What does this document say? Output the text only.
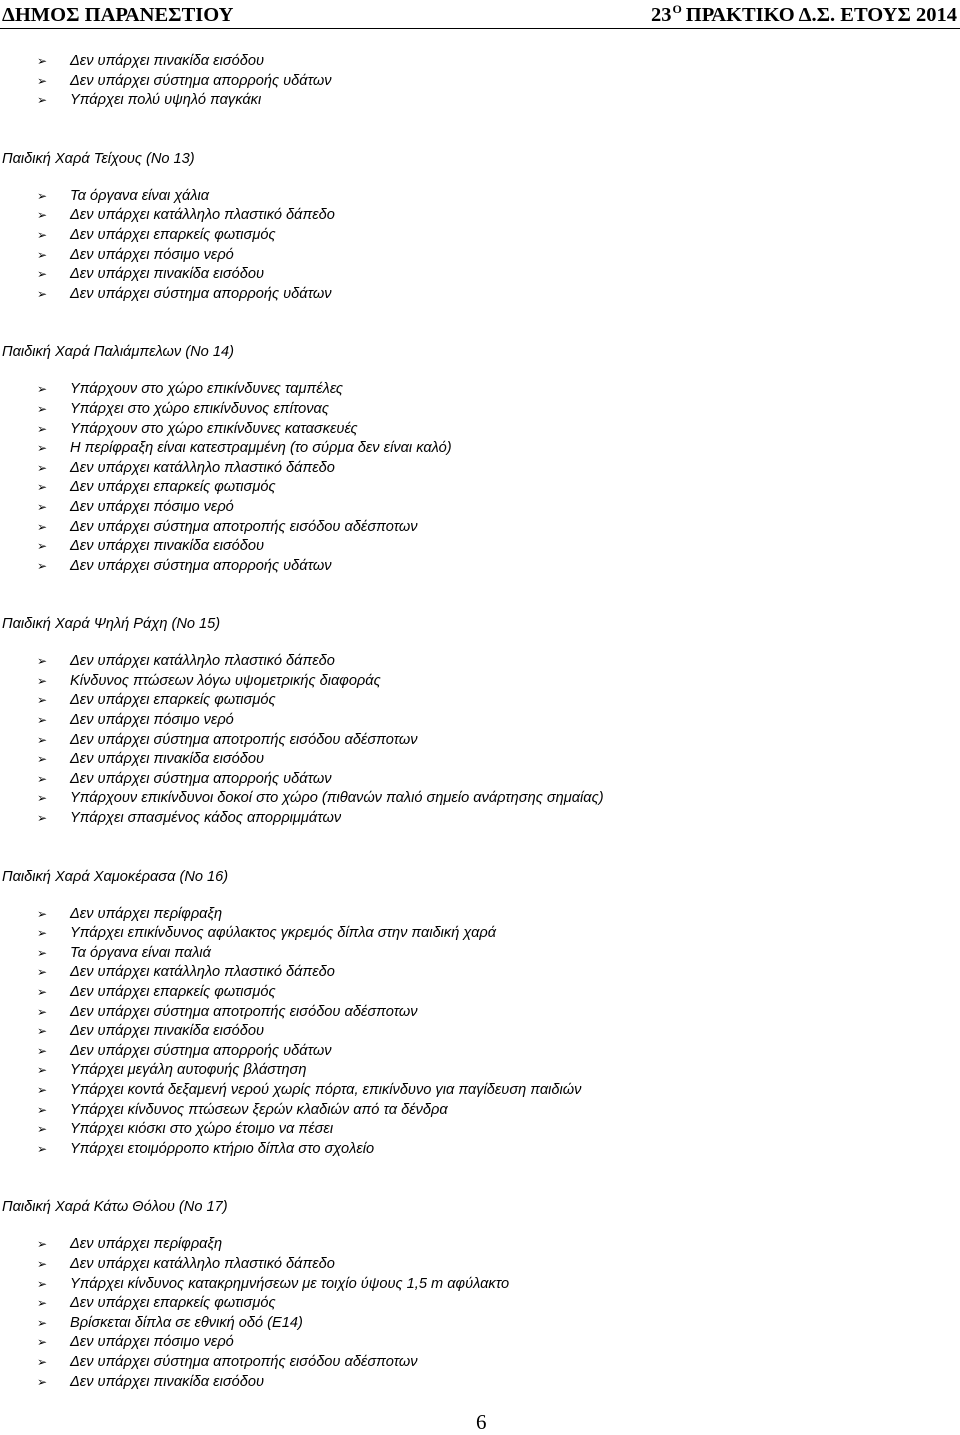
ΔΗΜΟΣ ΠΑΡΑΝΕΣΤΙΟΥ	$23^O$ ΠΡΑΚΤΙΚΟ Δ.Σ. ΕΤΟΥΣ 2014
➢ Δεν υπάρχει πινακίδα εισόδου
➢ Δεν υπάρχει σύστημα απορροής υδάτων
➢ Υπάρχει πολύ υψηλό παγκάκι
Παιδική Χαρά Τείχους (Νο 13)
➢ Τα όργανα είναι χάλια
➢ Δεν υπάρχει κατάλληλο πλαστικό δάπεδο
➢ Δεν υπάρχει επαρκείς φωτισμός
➢ Δεν υπάρχει πόσιμο νερό
➢ Δεν υπάρχει πινακίδα εισόδου
➢ Δεν υπάρχει σύστημα απορροής υδάτων
Παιδική Χαρά Παλιάμπελων (Νο 14)
➢ Υπάρχουν στο χώρο επικίνδυνες ταμπέλες
➢ Υπάρχει στο χώρο επικίνδυνος επίτονας
➢ Υπάρχουν στο χώρο επικίνδυνες κατασκευές
➢ Η περίφραξη είναι κατεστραμμένη (το σύρμα δεν είναι καλό)
➢ Δεν υπάρχει κατάλληλο πλαστικό δάπεδο
➢ Δεν υπάρχει επαρκείς φωτισμός
➢ Δεν υπάρχει πόσιμο νερό
➢ Δεν υπάρχει σύστημα αποτροπής εισόδου αδέσποτων
➢ Δεν υπάρχει πινακίδα εισόδου
➢ Δεν υπάρχει σύστημα απορροής υδάτων
Παιδική Χαρά Ψηλή Ράχη (Νο 15)
➢ Δεν υπάρχει κατάλληλο πλαστικό δάπεδο
➢ Κίνδυνος πτώσεων λόγω υψομετρικής διαφοράς
➢ Δεν υπάρχει επαρκείς φωτισμός
➢ Δεν υπάρχει πόσιμο νερό
➢ Δεν υπάρχει σύστημα αποτροπής εισόδου αδέσποτων
➢ Δεν υπάρχει πινακίδα εισόδου
➢ Δεν υπάρχει σύστημα απορροής υδάτων
➢ Υπάρχουν επικίνδυνοι δοκοί στο χώρο (πιθανών παλιό σημείο ανάρτησης σημαίας)
➢ Υπάρχει σπασμένος κάδος απορριμμάτων
Παιδική Χαρά Χαμοκέρασα (Νο 16)
➢ Δεν υπάρχει περίφραξη
➢ Υπάρχει επικίνδυνος αφύλακτος γκρεμός δίπλα στην παιδική χαρά
➢ Τα όργανα είναι παλιά
➢ Δεν υπάρχει κατάλληλο πλαστικό δάπεδο
➢ Δεν υπάρχει επαρκείς φωτισμός
➢ Δεν υπάρχει σύστημα αποτροπής εισόδου αδέσποτων
➢ Δεν υπάρχει πινακίδα εισόδου
➢ Δεν υπάρχει σύστημα απορροής υδάτων
➢ Υπάρχει μεγάλη αυτοφυής βλάστηση
➢ Υπάρχει κοντά δεξαμενή νερού χωρίς πόρτα, επικίνδυνο για παγίδευση παιδιών
➢ Υπάρχει κίνδυνος πτώσεων ξερών κλαδιών από τα δένδρα
➢ Υπάρχει κιόσκι στο χώρο έτοιμο να πέσει
➢ Υπάρχει ετοιμόρροπο κτήριο δίπλα στο σχολείο
Παιδική Χαρά Κάτω Θόλου (Νο 17)
➢ Δεν υπάρχει περίφραξη
➢ Δεν υπάρχει κατάλληλο πλαστικό δάπεδο
➢ Υπάρχει κίνδυνος κατακρημνήσεων με τοιχίο ύψους 1,5 m αφύλακτο
➢ Δεν υπάρχει επαρκείς φωτισμός
➢ Βρίσκεται δίπλα σε εθνική οδό (Ε14)
➢ Δεν υπάρχει πόσιμο νερό
➢ Δεν υπάρχει σύστημα αποτροπής εισόδου αδέσποτων
➢ Δεν υπάρχει πινακίδα εισόδου
6
